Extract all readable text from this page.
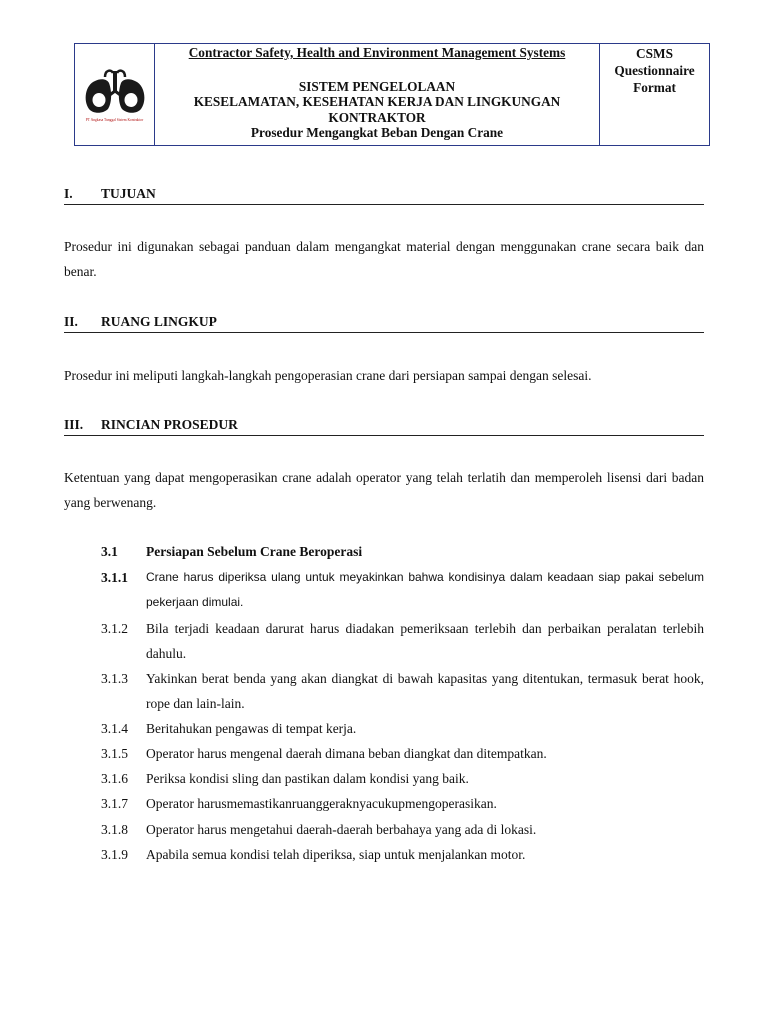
PT Angkasa Tunggal Sistem Kontraktor
Contractor Safety, Health and Environment Management Systems
SISTEM PENGELOLAAN
KESELAMATAN, KESEHATAN KERJA DAN LINGKUNGAN
KONTRAKTOR
Prosedur Mengangkat Beban Dengan Crane
CSMS
Questionnaire
Format
I. TUJUAN
Prosedur ini digunakan sebagai panduan dalam mengangkat material dengan menggunakan crane secara baik dan benar.
II. RUANG LINGKUP
Prosedur ini meliputi langkah-langkah pengoperasian crane dari persiapan sampai dengan selesai.
III. RINCIAN PROSEDUR
Ketentuan yang dapat mengoperasikan crane adalah operator yang telah terlatih dan memperoleh lisensi dari badan yang berwenang.
3.1 Persiapan Sebelum Crane Beroperasi
3.1.1	Crane harus diperiksa ulang untuk meyakinkan bahwa kondisinya dalam keadaan siap pakai sebelum pekerjaan dimulai.
3.1.2	Bila terjadi keadaan darurat harus diadakan pemeriksaan terlebih dan perbaikan peralatan terlebih dahulu.
3.1.3	Yakinkan berat benda yang akan diangkat di bawah kapasitas yang ditentukan, termasuk berat hook, rope dan lain-lain.
3.1.4	Beritahukan pengawas di tempat kerja.
3.1.5	Operator harus mengenal daerah dimana beban diangkat dan ditempatkan.
3.1.6	Periksa kondisi sling dan pastikan dalam kondisi yang baik.
3.1.7	Operator harusmemastikanruanggeraknyacukupmengoperasikan.
3.1.8	Operator harus mengetahui daerah-daerah berbahaya yang ada di lokasi.
3.1.9	Apabila semua kondisi telah diperiksa, siap untuk menjalankan motor.
